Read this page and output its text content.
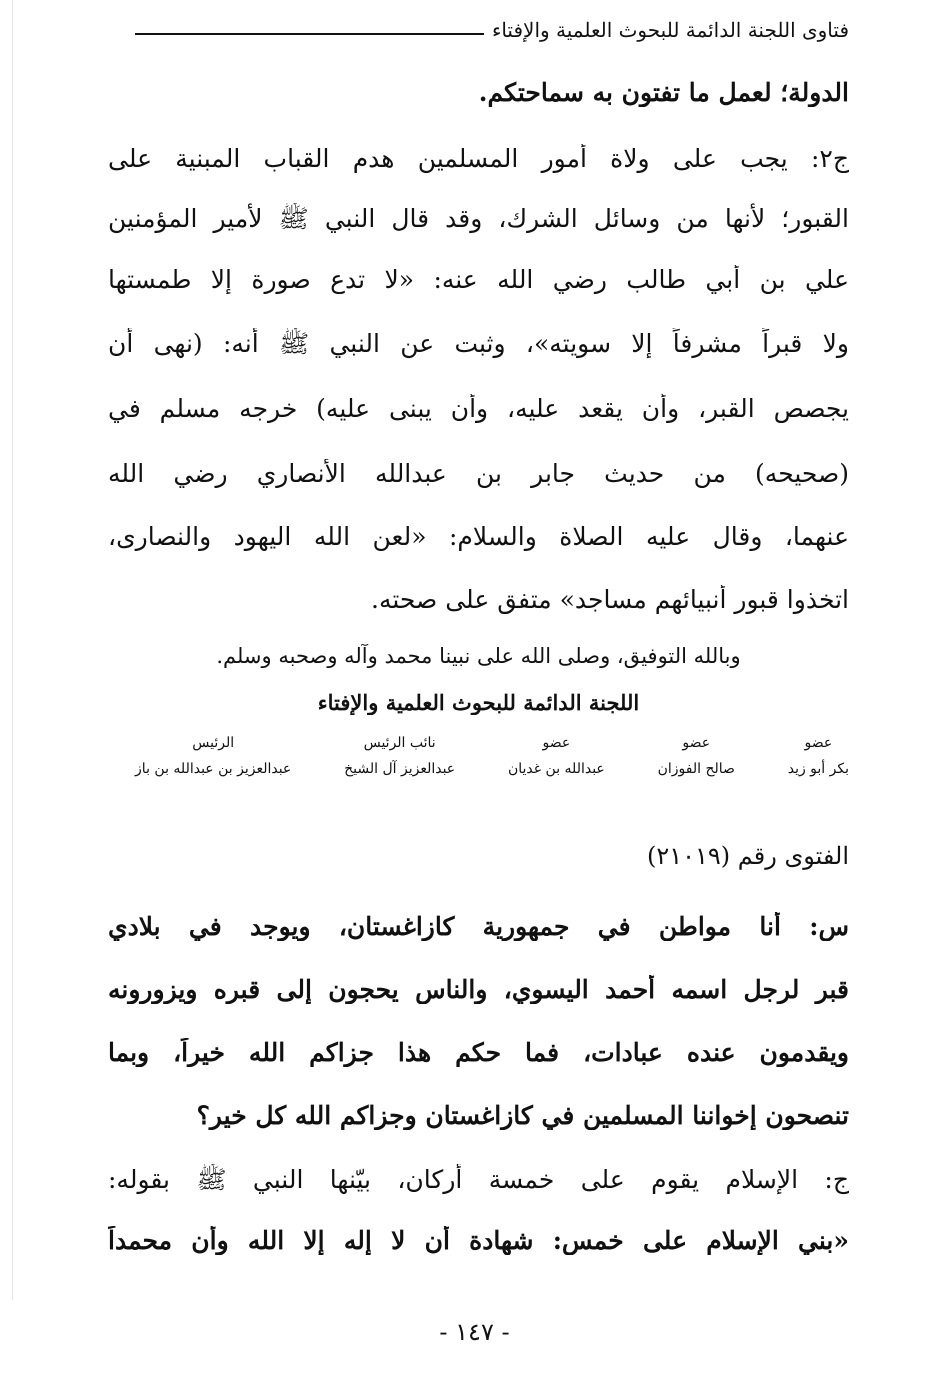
فتاوى اللجنة الدائمة للبحوث العلمية والإفتاء
الدولة؛ لعمل ما تفتون به سماحتكم.
ج٢: يجب على ولاة أمور المسلمين هدم القباب المبنية على
القبور؛ لأنها من وسائل الشرك، وقد قال النبي ﷺ لأمير المؤمنين
علي بن أبي طالب رضي الله عنه: «لا تدع صورة إلا طمستها
ولا قبراً مشرفاً إلا سويته»، وثبت عن النبي ﷺ أنه: (نهى أن
يجصص القبر، وأن يقعد عليه، وأن يبنى عليه) خرجه مسلم في
(صحيحه) من حديث جابر بن عبدالله الأنصاري رضي الله
عنهما، وقال عليه الصلاة والسلام: «لعن الله اليهود والنصارى،
اتخذوا قبور أنبيائهم مساجد» متفق على صحته.
وبالله التوفيق، وصلى الله على نبينا محمد وآله وصحبه وسلم.
اللجنة الدائمة للبحوث العلمية والإفتاء
عضو
بكر أبو زيد
عضو
صالح الفوزان
عضو
عبدالله بن غديان
نائب الرئيس
عبدالعزيز آل الشيخ
الرئيس
عبدالعزيز بن عبدالله بن باز
الفتوى رقم (٢١٠١٩)
س: أنا مواطن في جمهورية كازاغستان، ويوجد في بلادي
قبر لرجل اسمه أحمد اليسوي، والناس يحجون إلى قبره ويزورونه
ويقدمون عنده عبادات، فما حكم هذا جزاكم الله خيراً، وبما
تنصحون إخواننا المسلمين في كازاغستان وجزاكم الله كل خير؟
ج: الإسلام يقوم على خمسة أركان، بيّنها النبي ﷺ بقوله:
«بني الإسلام على خمس: شهادة أن لا إله إلا الله وأن محمداً
- ١٤٧ -
